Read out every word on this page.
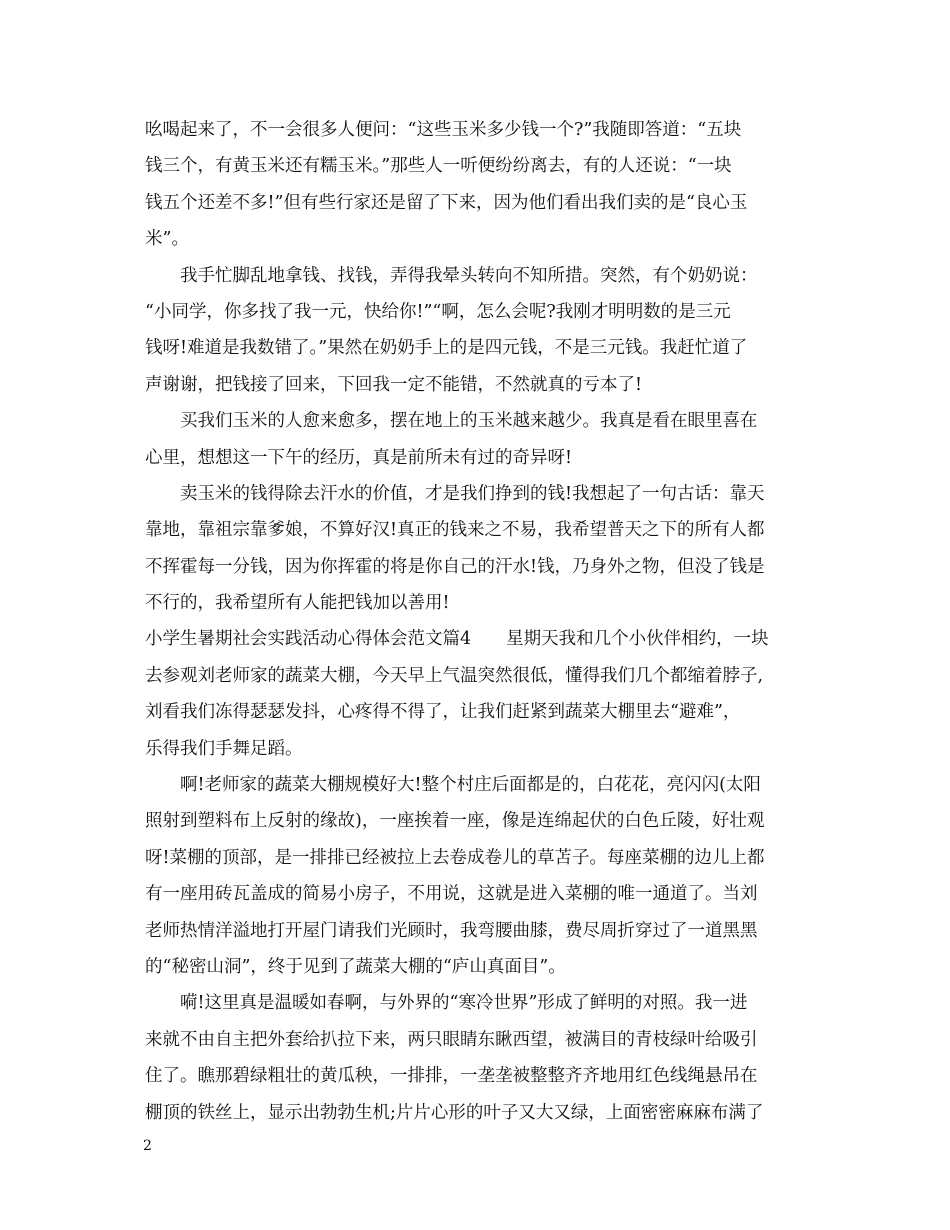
吆喝起来了，不一会很多人便问：“这些玉米多少钱一个?”我随即答道：“五块
钱三个，有黄玉米还有糯玉米。”那些人一听便纷纷离去，有的人还说：“一块
钱五个还差不多!”但有些行家还是留了下来，因为他们看出我们卖的是“良心玉
米”。
我手忙脚乱地拿钱、找钱，弄得我晕头转向不知所措。突然，有个奶奶说：
“小同学，你多找了我一元，快给你!”“啊，怎么会呢?我刚才明明数的是三元
钱呀!难道是我数错了。”果然在奶奶手上的是四元钱，不是三元钱。我赶忙道了
声谢谢，把钱接了回来，下回我一定不能错，不然就真的亏本了!
买我们玉米的人愈来愈多，摆在地上的玉米越来越少。我真是看在眼里喜在
心里，想想这一下午的经历，真是前所未有过的奇异呀!
卖玉米的钱得除去汗水的价值，才是我们挣到的钱!我想起了一句古话：靠天
靠地，靠祖宗靠爹娘，不算好汉!真正的钱来之不易，我希望普天之下的所有人都
不挥霍每一分钱，因为你挥霍的将是你自己的汗水!钱，乃身外之物，但没了钱是
不行的，我希望所有人能把钱加以善用!
小学生暑期社会实践活动心得体会范文篇4　　星期天我和几个小伙伴相约，一块
去参观刘老师家的蔬菜大棚，今天早上气温突然很低，懂得我们几个都缩着脖子,
刘看我们冻得瑟瑟发抖，心疼得不得了，让我们赶紧到蔬菜大棚里去“避难”，
乐得我们手舞足蹈。
啊!老师家的蔬菜大棚规模好大!整个村庄后面都是的，白花花，亮闪闪(太阳
照射到塑料布上反射的缘故)，一座挨着一座，像是连绵起伏的白色丘陵，好壮观
呀!菜棚的顶部，是一排排已经被拉上去卷成卷儿的草苫子。每座菜棚的边儿上都
有一座用砖瓦盖成的简易小房子，不用说，这就是进入菜棚的唯一通道了。当刘
老师热情洋溢地打开屋门请我们光顾时，我弯腰曲膝，费尽周折穿过了一道黑黑
的“秘密山洞”，终于见到了蔬菜大棚的“庐山真面目”。
嗬!这里真是温暖如春啊，与外界的“寒冷世界”形成了鲜明的对照。我一进
来就不由自主把外套给扒拉下来，两只眼睛东瞅西望，被满目的青枝绿叶给吸引
住了。瞧那碧绿粗壮的黄瓜秧，一排排，一垄垄被整整齐齐地用红色线绳悬吊在
棚顶的铁丝上，显示出勃勃生机;片片心形的叶子又大又绿，上面密密麻麻布满了
2
